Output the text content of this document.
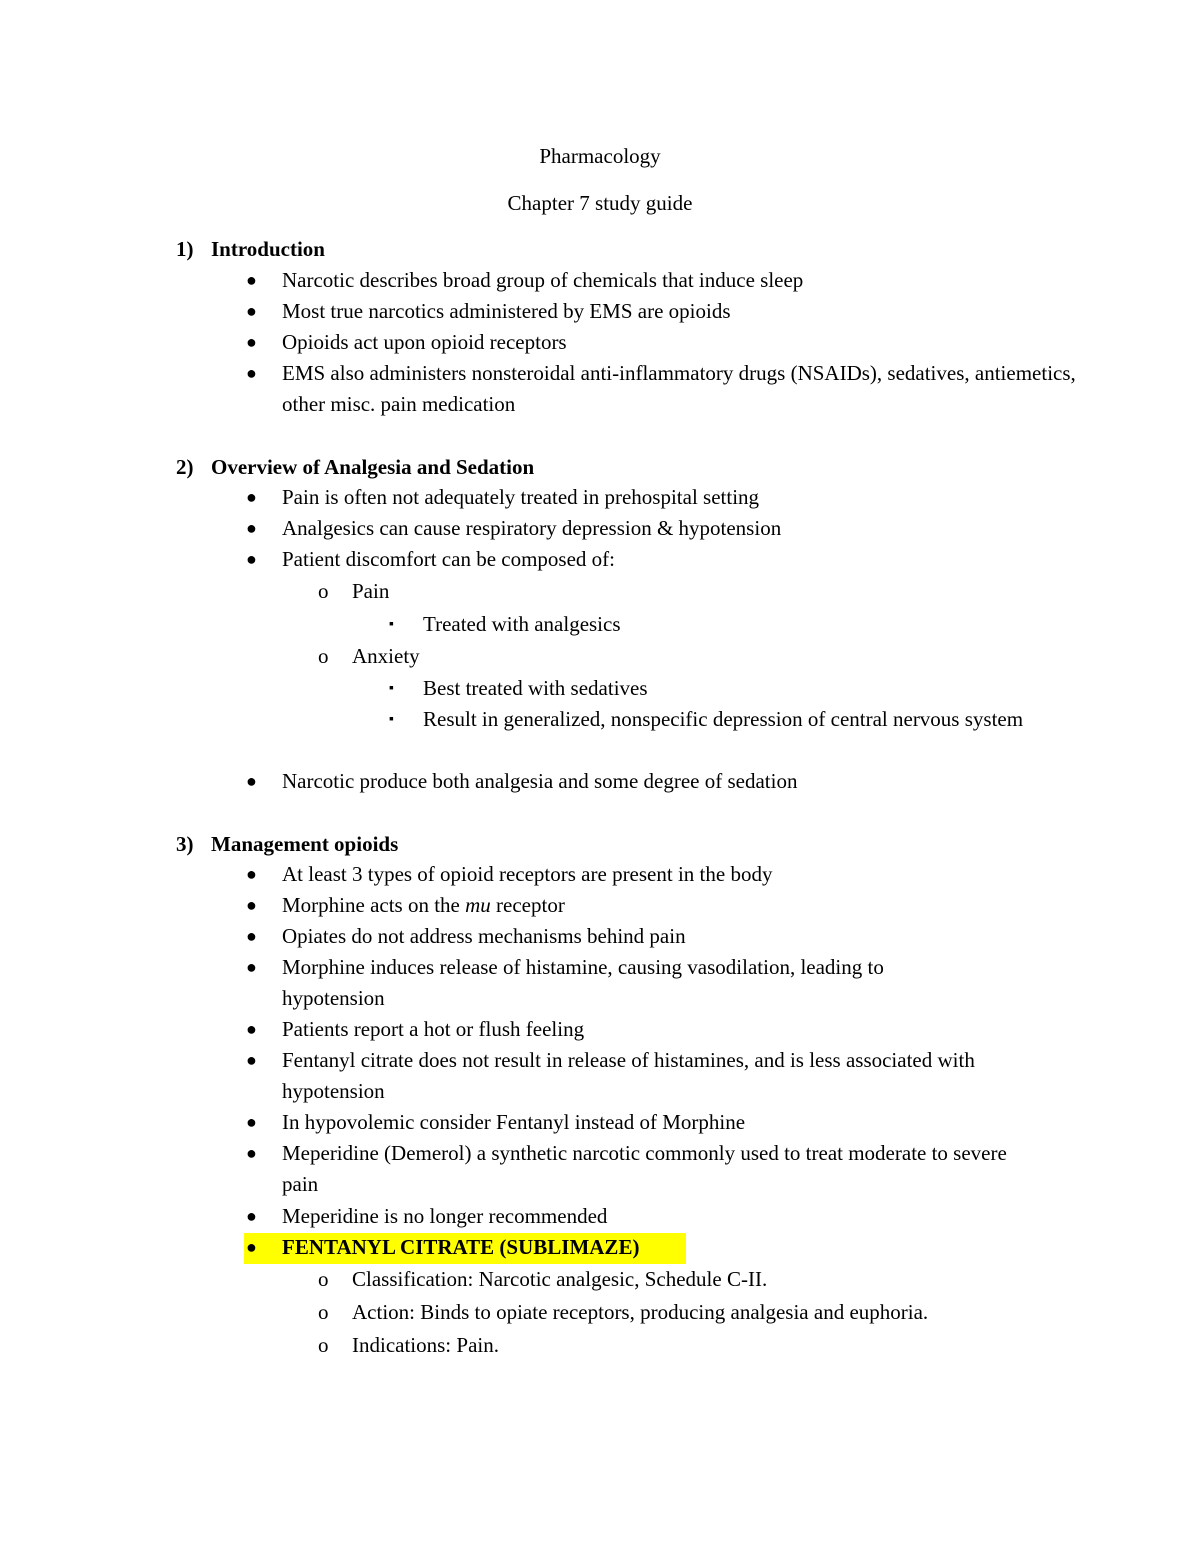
Pharmacology
Chapter 7 study guide
1) Introduction
● Narcotic describes broad group of chemicals that induce sleep
● Most true narcotics administered by EMS are opioids
● Opioids act upon opioid receptors
● EMS also administers nonsteroidal anti-inflammatory drugs (NSAIDs), sedatives, antiemetics, other misc. pain medication
2) Overview of Analgesia and Sedation
● Pain is often not adequately treated in prehospital setting
● Analgesics can cause respiratory depression & hypotension
● Patient discomfort can be composed of:
o Pain
▪ Treated with analgesics
o Anxiety
▪ Best treated with sedatives
▪ Result in generalized, nonspecific depression of central nervous system
● Narcotic produce both analgesia and some degree of sedation
3) Management opioids
● At least 3 types of opioid receptors are present in the body
● Morphine acts on the mu receptor
● Opiates do not address mechanisms behind pain
● Morphine induces release of histamine, causing vasodilation, leading to hypotension
● Patients report a hot or flush feeling
● Fentanyl citrate does not result in release of histamines, and is less associated with hypotension
● In hypovolemic consider Fentanyl instead of Morphine
● Meperidine (Demerol) a synthetic narcotic commonly used to treat moderate to severe pain
● Meperidine is no longer recommended
● FENTANYL CITRATE (SUBLIMAZE)
o Classification: Narcotic analgesic, Schedule C-II.
o Action: Binds to opiate receptors, producing analgesia and euphoria.
o Indications: Pain.
